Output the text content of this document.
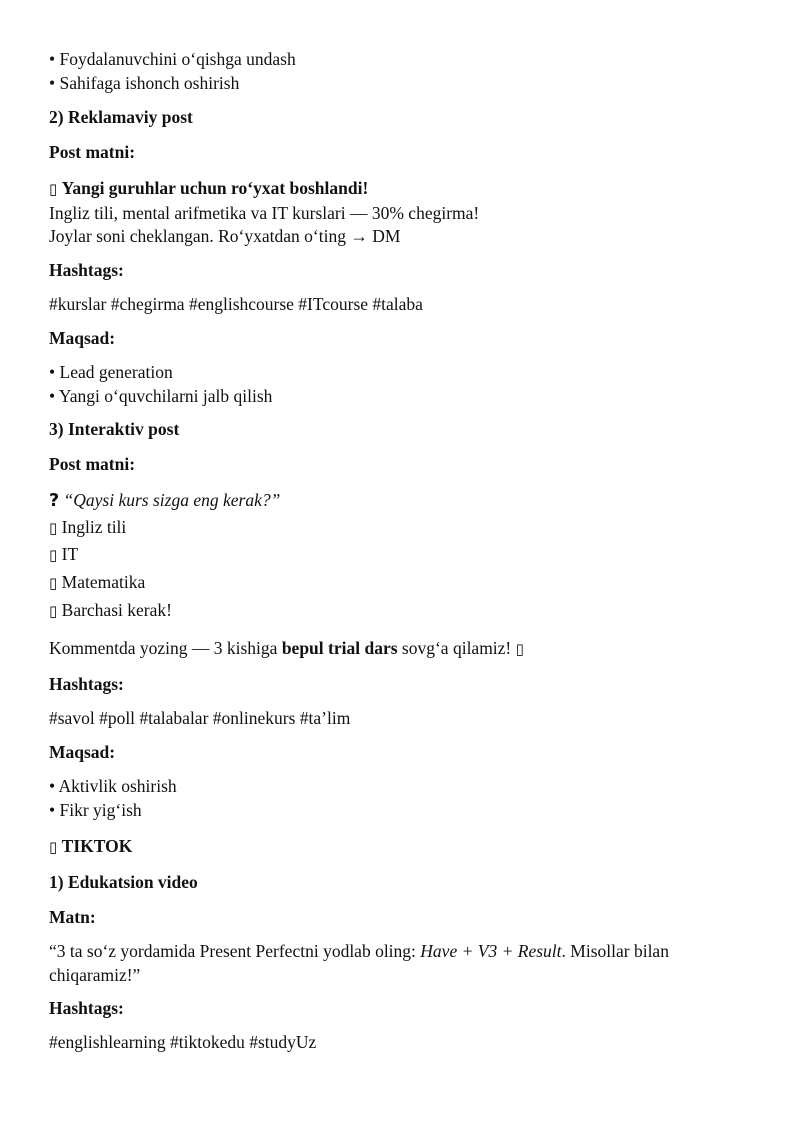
• Foydalanuvchini o‘qishga undash
• Sahifaga ishonch oshirish
2) Reklamaviy post
Post matni:
▯ Yangi guruhlar uchun ro‘yxat boshlandi!
Ingliz tili, mental arifmetika va IT kurslari — 30% chegirma!
Joylar soni cheklangan. Ro‘yxatdan o‘ting → DM
Hashtags:
#kurslar #chegirma #englishcourse #ITcourse #talaba
Maqsad:
• Lead generation
• Yangi o‘quvchilarni jalb qilish
3) Interaktiv post
Post matni:
? “Qaysi kurs sizga eng kerak?”
▯ Ingliz tili
▯ IT
▯ Matematika
▯ Barchasi kerak!
Kommentda yozing — 3 kishiga bepul trial dars sovg‘a qilamiz! ▯
Hashtags:
#savol #poll #talabalar #onlinekurs #ta’lim
Maqsad:
• Aktivlik oshirish
• Fikr yig‘ish
▯ TIKTOK
1) Edukatsion video
Matn:
“3 ta so‘z yordamida Present Perfectni yodlab oling: Have + V3 + Result. Misollar bilan chiqaramiz!”
Hashtags:
#englishlearning #tiktokedu #studyUz
